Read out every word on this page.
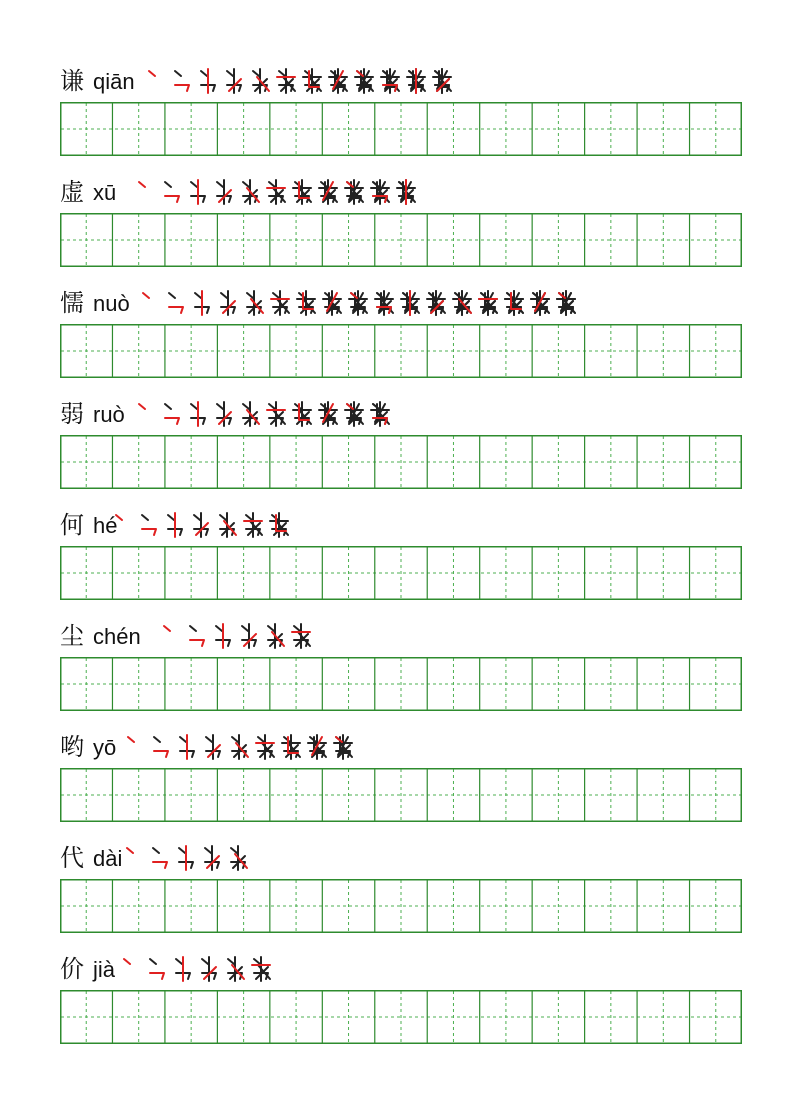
谦 qiān
虚 xū
懦 nuò
弱 ruò
何 hé
尘 chén
哟 yō
代 dài
价 jià
